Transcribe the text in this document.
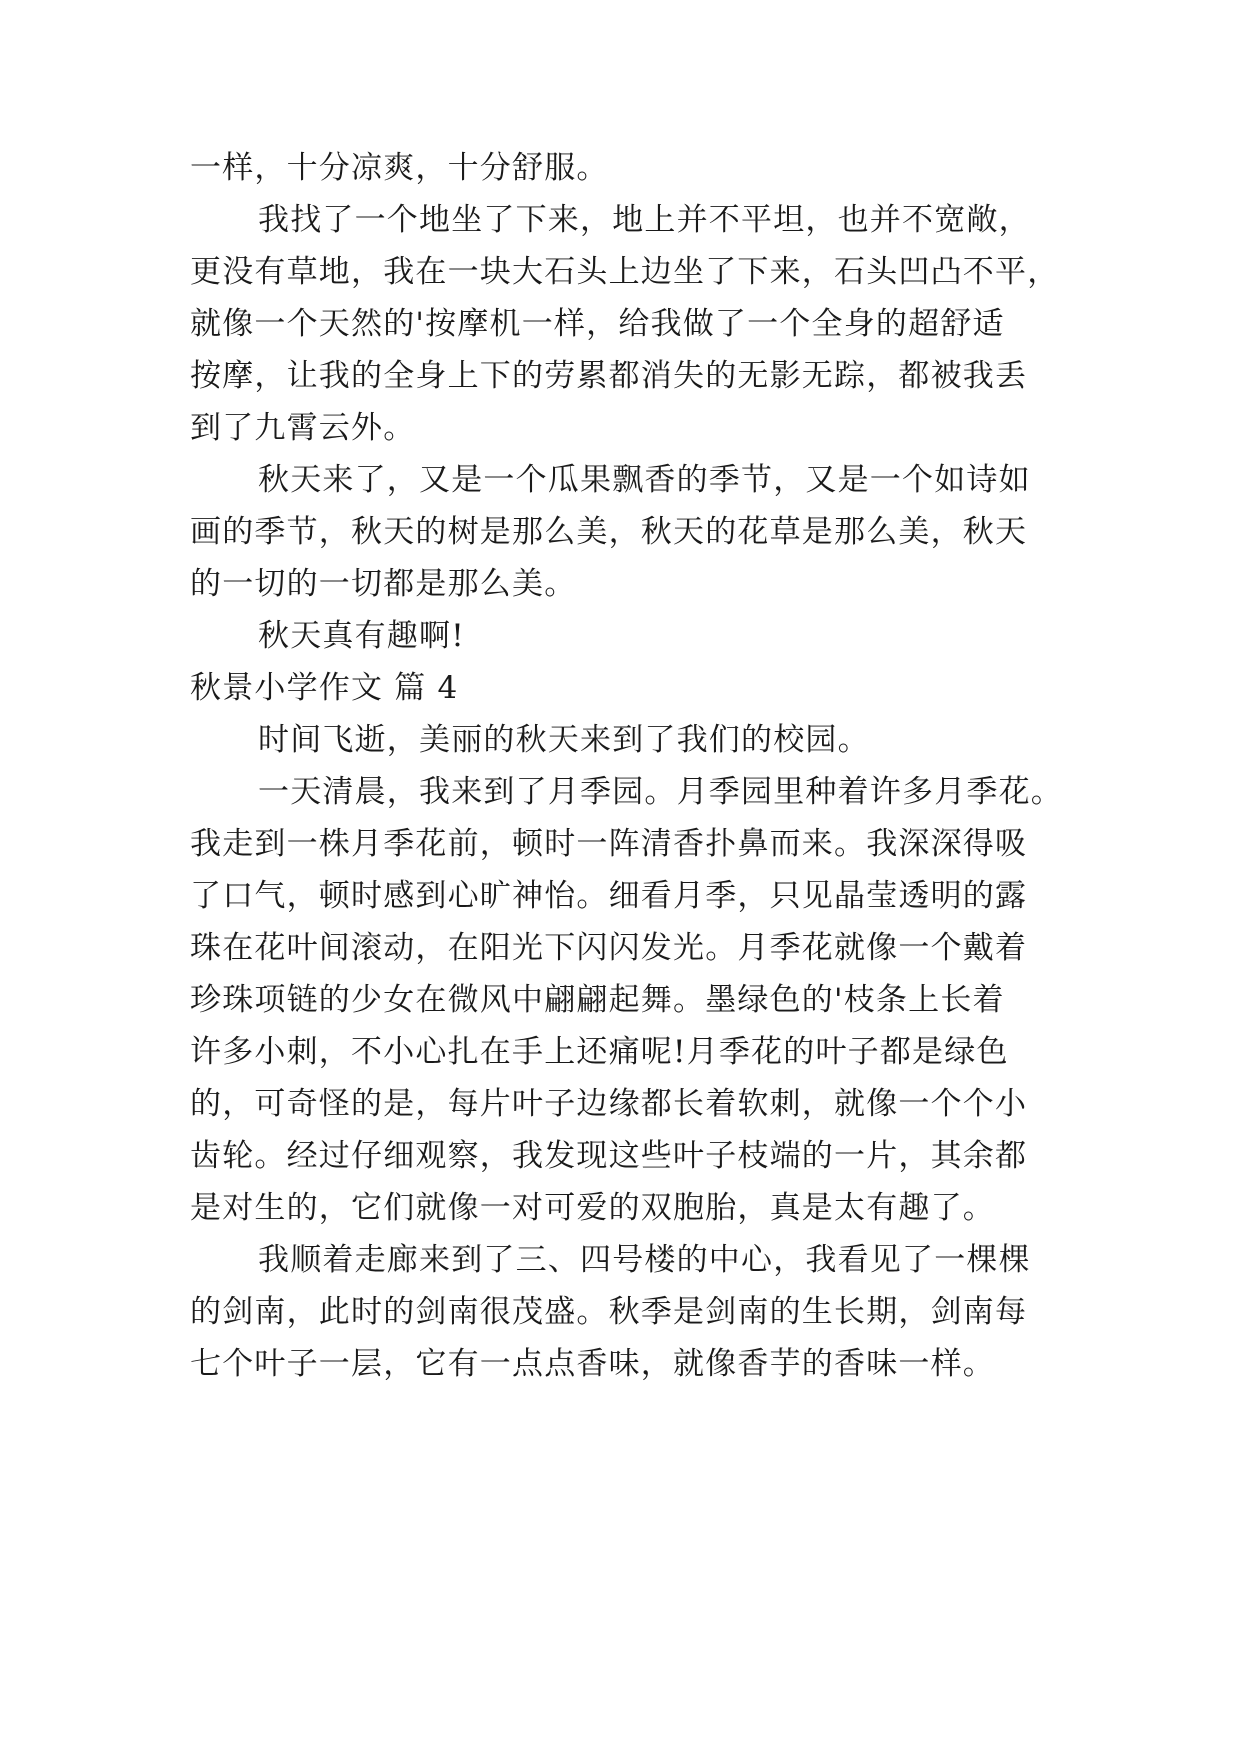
一样，十分凉爽，十分舒服。
我找了一个地坐了下来，地上并不平坦，也并不宽敞，
更没有草地，我在一块大石头上边坐了下来，石头凹凸不平，
就像一个天然的'按摩机一样，给我做了一个全身的超舒适
按摩，让我的全身上下的劳累都消失的无影无踪，都被我丢
到了九霄云外。
秋天来了，又是一个瓜果飘香的季节，又是一个如诗如
画的季节，秋天的树是那么美，秋天的花草是那么美，秋天
的一切的一切都是那么美。
秋天真有趣啊!
秋景小学作文 篇 4
时间飞逝，美丽的秋天来到了我们的校园。
一天清晨，我来到了月季园。月季园里种着许多月季花。
我走到一株月季花前，顿时一阵清香扑鼻而来。我深深得吸
了口气，顿时感到心旷神怡。细看月季，只见晶莹透明的露
珠在花叶间滚动，在阳光下闪闪发光。月季花就像一个戴着
珍珠项链的少女在微风中翩翩起舞。墨绿色的'枝条上长着
许多小刺，不小心扎在手上还痛呢!月季花的叶子都是绿色
的，可奇怪的是，每片叶子边缘都长着软刺，就像一个个小
齿轮。经过仔细观察，我发现这些叶子枝端的一片，其余都
是对生的，它们就像一对可爱的双胞胎，真是太有趣了。
我顺着走廊来到了三、四号楼的中心，我看见了一棵棵
的剑南，此时的剑南很茂盛。秋季是剑南的生长期，剑南每
七个叶子一层，它有一点点香味，就像香芋的香味一样。
